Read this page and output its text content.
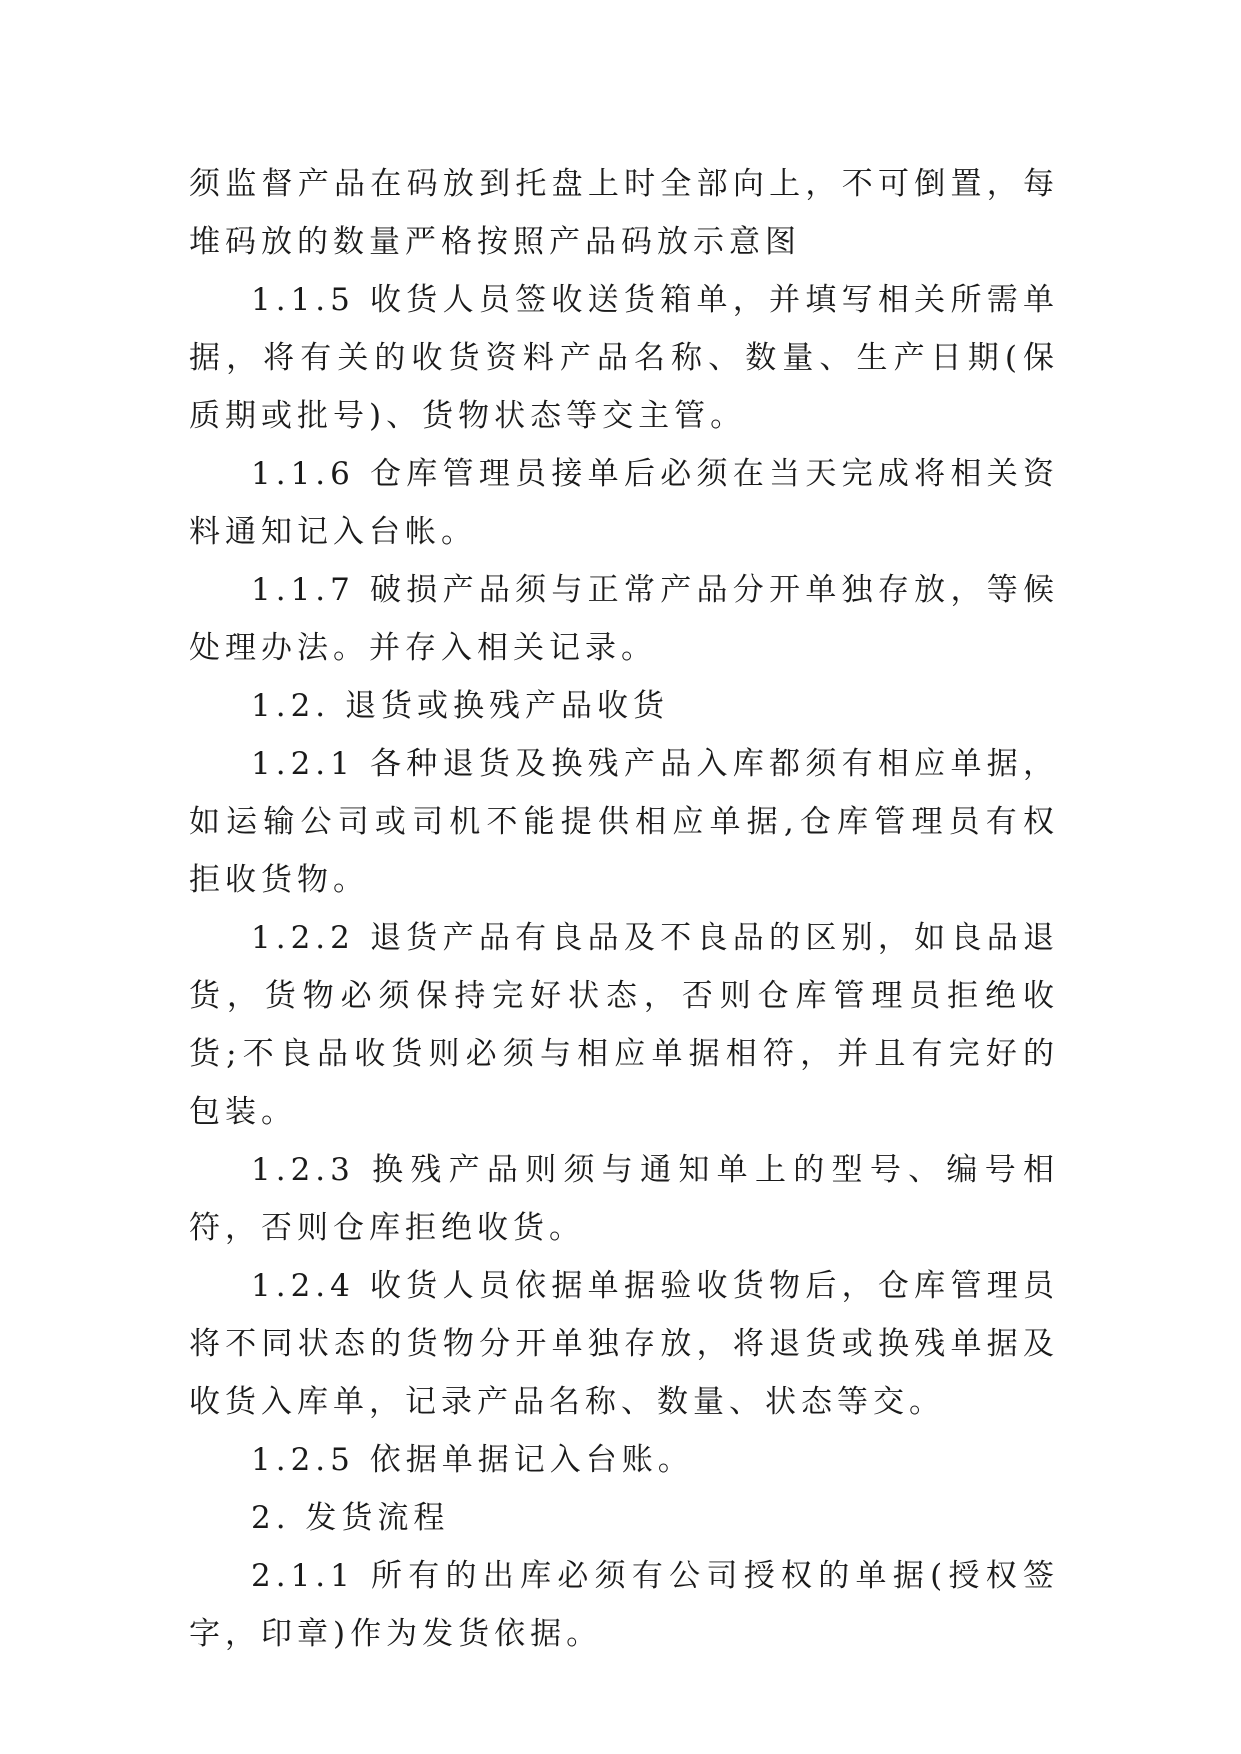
须监督产品在码放到托盘上时全部向上，不可倒置，每堆码放的数量严格按照产品码放示意图

1.1.5 收货人员签收送货箱单，并填写相关所需单据，将有关的收货资料产品名称、数量、生产日期(保质期或批号)、货物状态等交主管。

1.1.6 仓库管理员接单后必须在当天完成将相关资料通知记入台帐。

1.1.7 破损产品须与正常产品分开单独存放，等候处理办法。并存入相关记录。

1.2. 退货或换残产品收货

1.2.1 各种退货及换残产品入库都须有相应单据，如运输公司或司机不能提供相应单据,仓库管理员有权拒收货物。

1.2.2 退货产品有良品及不良品的区别，如良品退货，货物必须保持完好状态，否则仓库管理员拒绝收货;不良品收货则必须与相应单据相符，并且有完好的包装。

1.2.3 换残产品则须与通知单上的型号、编号相符，否则仓库拒绝收货。

1.2.4 收货人员依据单据验收货物后，仓库管理员将不同状态的货物分开单独存放，将退货或换残单据及收货入库单，记录产品名称、数量、状态等交。

1.2.5 依据单据记入台账。

2. 发货流程

2.1.1 所有的出库必须有公司授权的单据(授权签字，印章)作为发货依据。
